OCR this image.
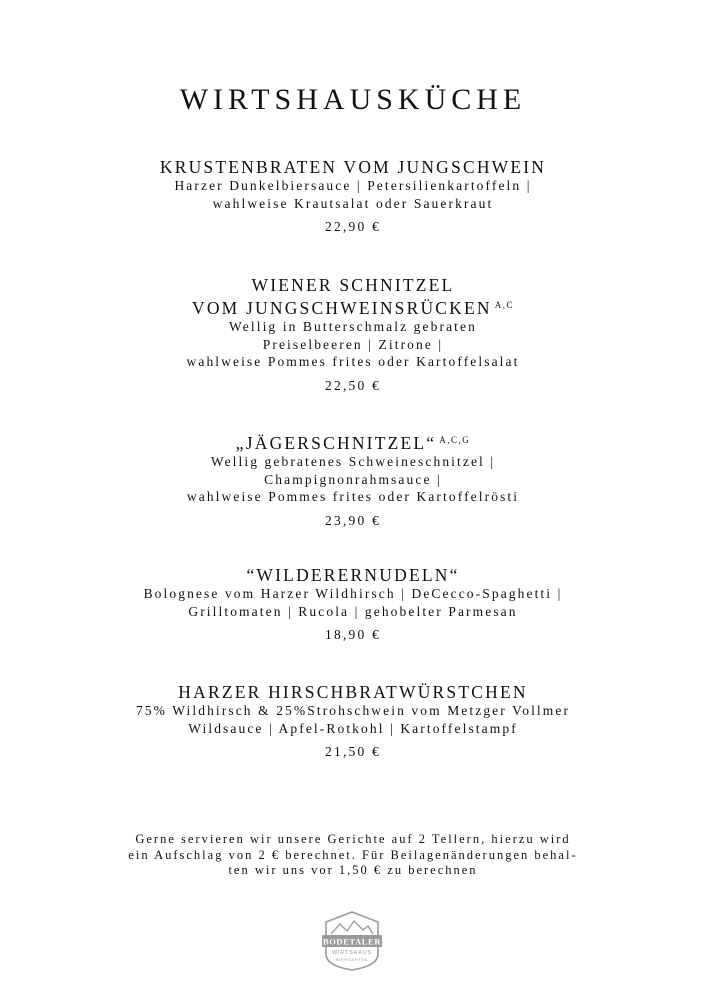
WIRTSHAUSKÜCHE
KRUSTENBRATEN VOM JUNGSCHWEIN
Harzer Dunkelbiersauce | Petersilienkartoffeln |
wahlweise Krautsalat oder Sauerkraut
22,90 €
WIENER SCHNITZEL
VOM JUNGSCHWEINSRÜCKEN $^{A,C}$
Wellig in Butterschmalz gebraten
Preiselbeeren | Zitrone |
wahlweise Pommes frites oder Kartoffelsalat
22,50 €
„JÄGERSCHNITZEL“ $^{A,C,G}$
Wellig gebratenes Schweineschnitzel |
Champignonrahmsauce |
wahlweise Pommes frites oder Kartoffelrösti
23,90 €
“WILDERERNUDELN“
Bolognese vom Harzer Wildhirsch | DeCecco-Spaghetti |
Grilltomaten | Rucola | gehobelter Parmesan
18,90 €
HARZER HIRSCHBRATWÜRSTCHEN
75% Wildhirsch & 25%Strohschwein vom Metzger Vollmer
Wildsauce | Apfel-Rotkohl | Kartoffelstampf
21,50 €
Gerne servieren wir unsere Gerichte auf 2 Tellern, hierzu wird
ein Aufschlag von 2 € berechnet. Für Beilagenänderungen behal-
ten wir uns vor 1,50 € zu berechnen
BODETALER
WIRTSHAUS
BIERGARTEN
